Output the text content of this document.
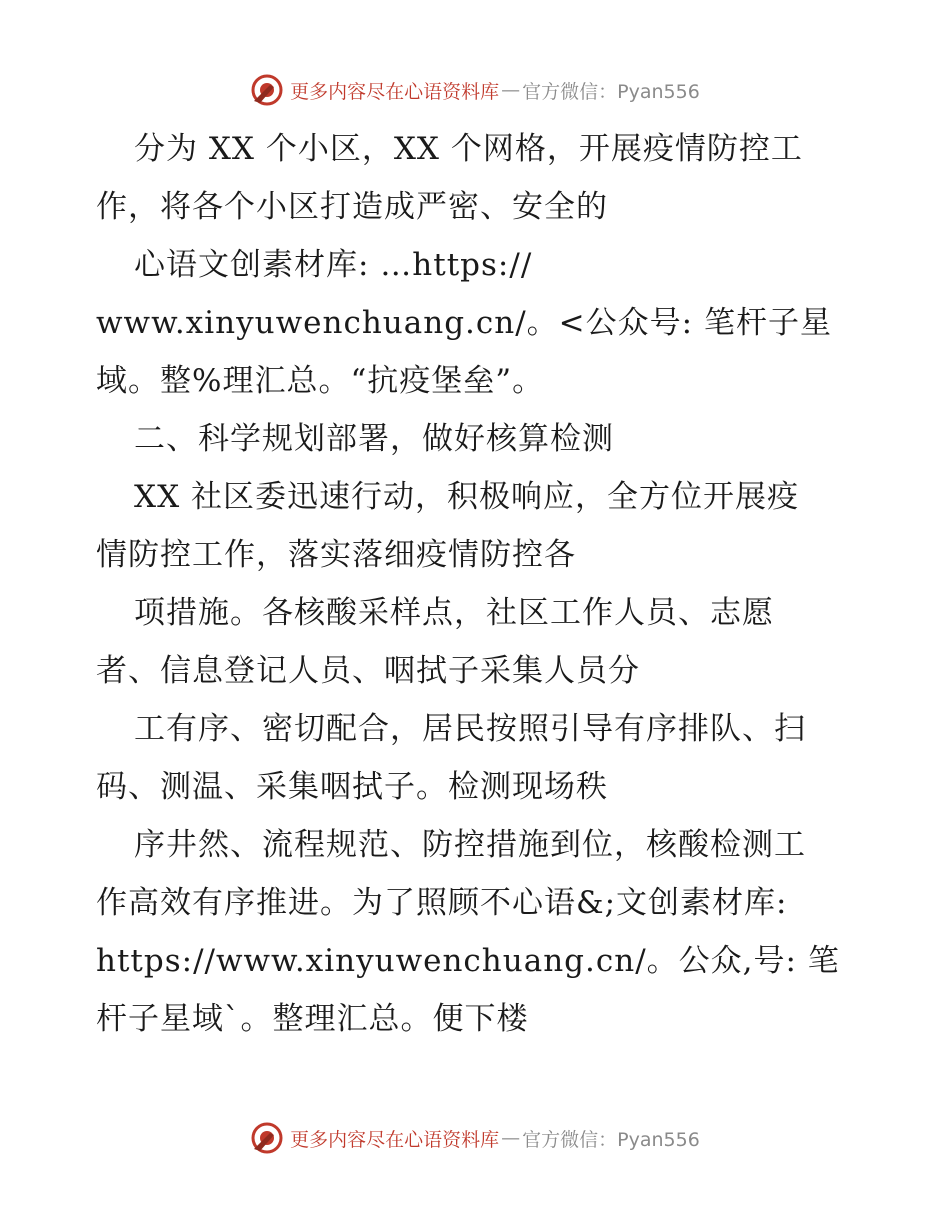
更多内容尽在心语资料库 — 官方微信：Pyan556
分为 XX 个小区，XX 个网格，开展疫情防控工
作，将各个小区打造成严密、安全的
心语文创素材库: …https://
www.xinyuwenchuang.cn/。<公众号: 笔杆子星
域。整%理汇总。“抗疫堡垒”。
二、科学规划部署，做好核算检测
XX 社区委迅速行动，积极响应，全方位开展疫
情防控工作，落实落细疫情防控各
项措施。各核酸采样点，社区工作人员、志愿
者、信息登记人员、咽拭子采集人员分
工有序、密切配合，居民按照引导有序排队、扫
码、测温、采集咽拭子。检测现场秩
序井然、流程规范、防控措施到位，核酸检测工
作高效有序推进。为了照顾不心语&;文创素材库:
https://www.xinyuwenchuang.cn/。公众,号: 笔
杆子星域`。整理汇总。便下楼
更多内容尽在心语资料库 — 官方微信：Pyan556
